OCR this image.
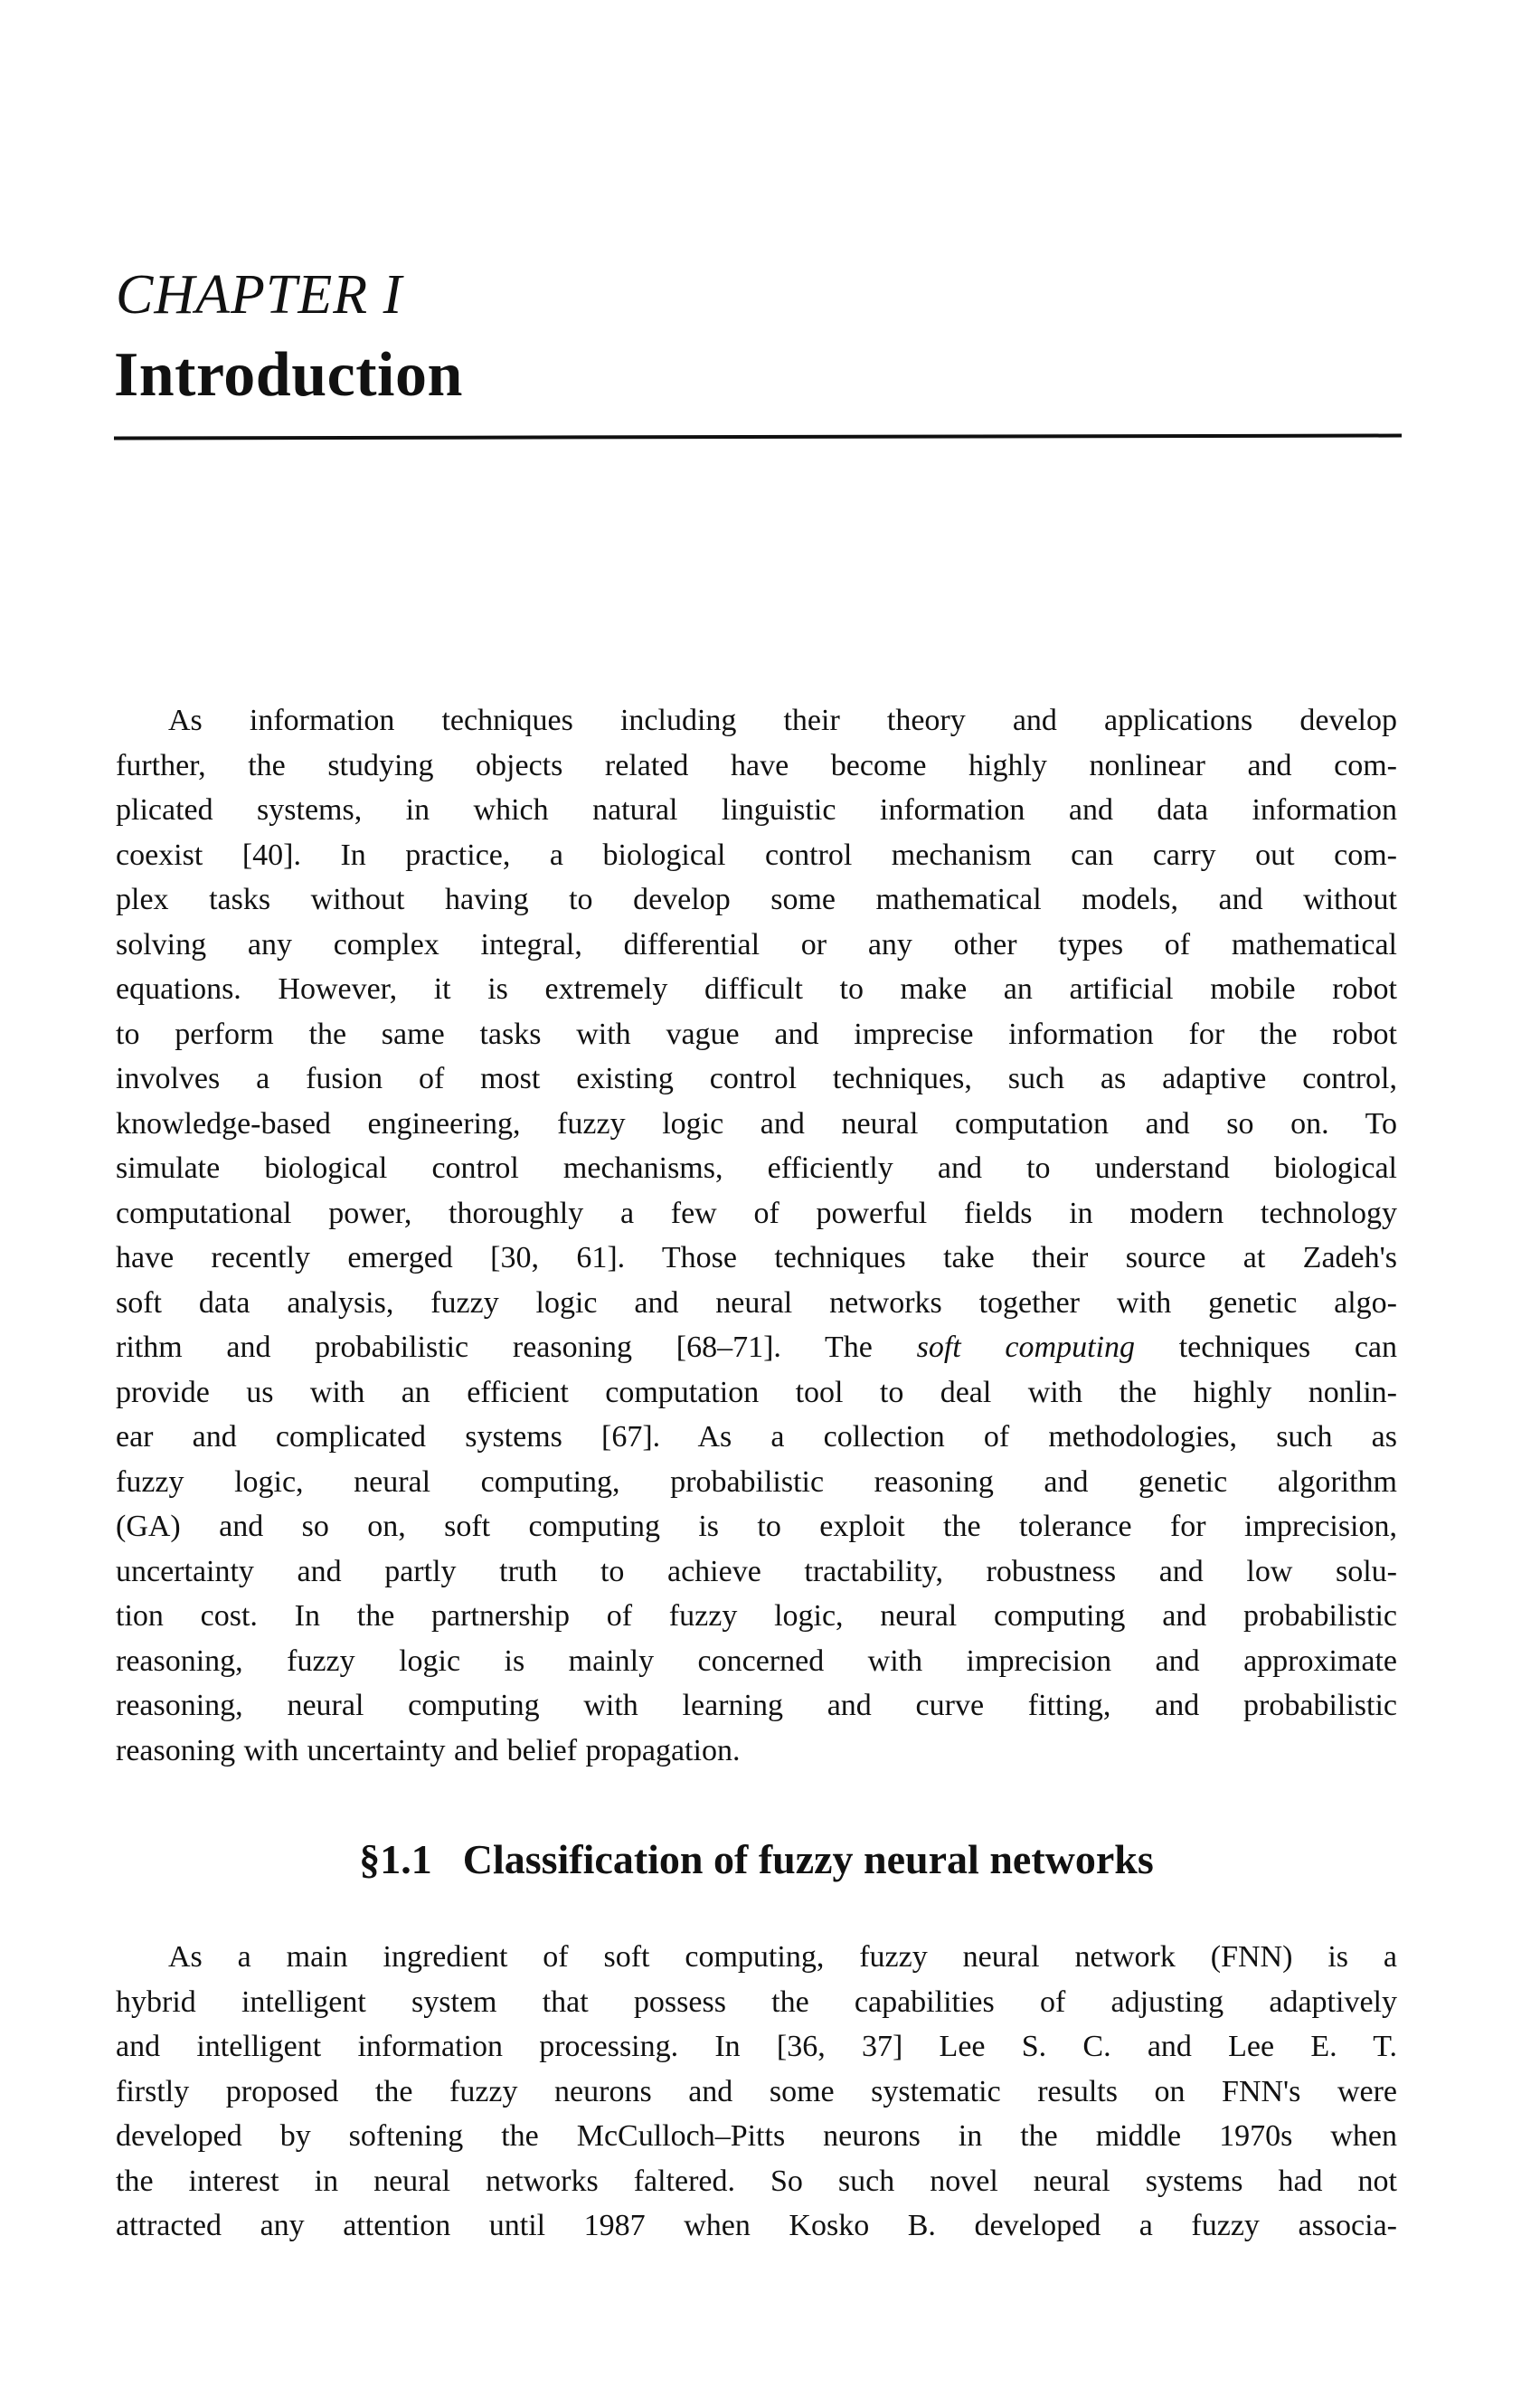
CHAPTER I
Introduction
As information techniques including their theory and applications develop
further, the studying objects related have become highly nonlinear and com-
plicated systems, in which natural linguistic information and data information
coexist [40]. In practice, a biological control mechanism can carry out com-
plex tasks without having to develop some mathematical models, and without
solving any complex integral, differential or any other types of mathematical
equations. However, it is extremely difficult to make an artificial mobile robot
to perform the same tasks with vague and imprecise information for the robot
involves a fusion of most existing control techniques, such as adaptive control,
knowledge-based engineering, fuzzy logic and neural computation and so on. To
simulate biological control mechanisms, efficiently and to understand biological
computational power, thoroughly a few of powerful fields in modern technology
have recently emerged [30, 61]. Those techniques take their source at Zadeh's
soft data analysis, fuzzy logic and neural networks together with genetic algo-
rithm and probabilistic reasoning [68–71]. The soft computing techniques can
provide us with an efficient computation tool to deal with the highly nonlin-
ear and complicated systems [67]. As a collection of methodologies, such as
fuzzy logic, neural computing, probabilistic reasoning and genetic algorithm
(GA) and so on, soft computing is to exploit the tolerance for imprecision,
uncertainty and partly truth to achieve tractability, robustness and low solu-
tion cost. In the partnership of fuzzy logic, neural computing and probabilistic
reasoning, fuzzy logic is mainly concerned with imprecision and approximate
reasoning, neural computing with learning and curve fitting, and probabilistic
reasoning with uncertainty and belief propagation.
§1.1 Classification of fuzzy neural networks
As a main ingredient of soft computing, fuzzy neural network (FNN) is a
hybrid intelligent system that possess the capabilities of adjusting adaptively
and intelligent information processing. In [36, 37] Lee S. C. and Lee E. T.
firstly proposed the fuzzy neurons and some systematic results on FNN's were
developed by softening the McCulloch–Pitts neurons in the middle 1970s when
the interest in neural networks faltered. So such novel neural systems had not
attracted any attention until 1987 when Kosko B. developed a fuzzy associa-
